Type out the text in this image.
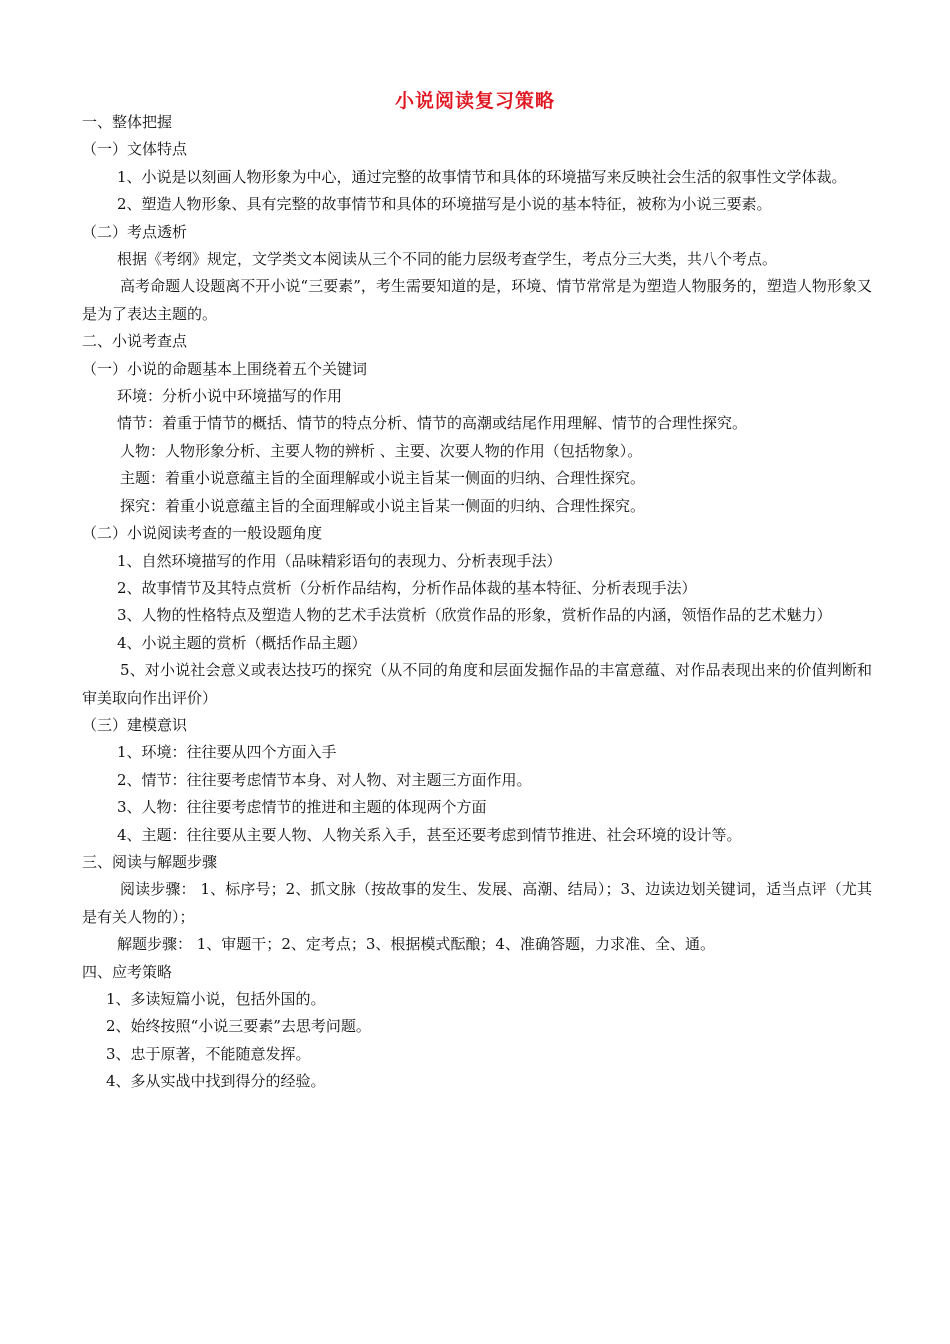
小说阅读复习策略
一、整体把握
（一）文体特点
1、小说是以刻画人物形象为中心，通过完整的故事情节和具体的环境描写来反映社会生活的叙事性文学体裁。
2、塑造人物形象、具有完整的故事情节和具体的环境描写是小说的基本特征，被称为小说三要素。
（二）考点透析
根据《考纲》规定，文学类文本阅读从三个不同的能力层级考查学生，考点分三大类，共八个考点。
高考命题人设题离不开小说“三要素”，考生需要知道的是，环境、情节常常是为塑造人物服务的，塑造人物形象又是为了表达主题的。
二、小说考查点
（一）小说的命题基本上围绕着五个关键词
环境：分析小说中环境描写的作用
情节：着重于情节的概括、情节的特点分析、情节的高潮或结尾作用理解、情节的合理性探究。
人物：人物形象分析、主要人物的辨析 、主要、次要人物的作用（包括物象）。
主题：着重小说意蕴主旨的全面理解或小说主旨某一侧面的归纳、合理性探究。
探究：着重小说意蕴主旨的全面理解或小说主旨某一侧面的归纳、合理性探究。
（二）小说阅读考查的一般设题角度
1、自然环境描写的作用（品味精彩语句的表现力、分析表现手法）
2、故事情节及其特点赏析（分析作品结构，分析作品体裁的基本特征、分析表现手法）
3、人物的性格特点及塑造人物的艺术手法赏析（欣赏作品的形象，赏析作品的内涵，领悟作品的艺术魅力）
4、小说主题的赏析（概括作品主题）
5、对小说社会意义或表达技巧的探究（从不同的角度和层面发掘作品的丰富意蕴、对作品表现出来的价值判断和审美取向作出评价）
（三）建模意识
1、环境：往往要从四个方面入手
2、情节：往往要考虑情节本身、对人物、对主题三方面作用。
3、人物：往往要考虑情节的推进和主题的体现两个方面
4、主题：往往要从主要人物、人物关系入手，甚至还要考虑到情节推进、社会环境的设计等。
三、阅读与解题步骤
阅读步骤： 1、标序号；2、抓文脉（按故事的发生、发展、高潮、结局）；3、边读边划关键词，适当点评（尤其是有关人物的）；
解题步骤： 1、审题干；2、定考点；3、根据模式酝酿；4、准确答题，力求准、全、通。
四、应考策略
1、多读短篇小说，包括外国的。
2、始终按照“小说三要素”去思考问题。
3、忠于原著，不能随意发挥。
4、多从实战中找到得分的经验。
